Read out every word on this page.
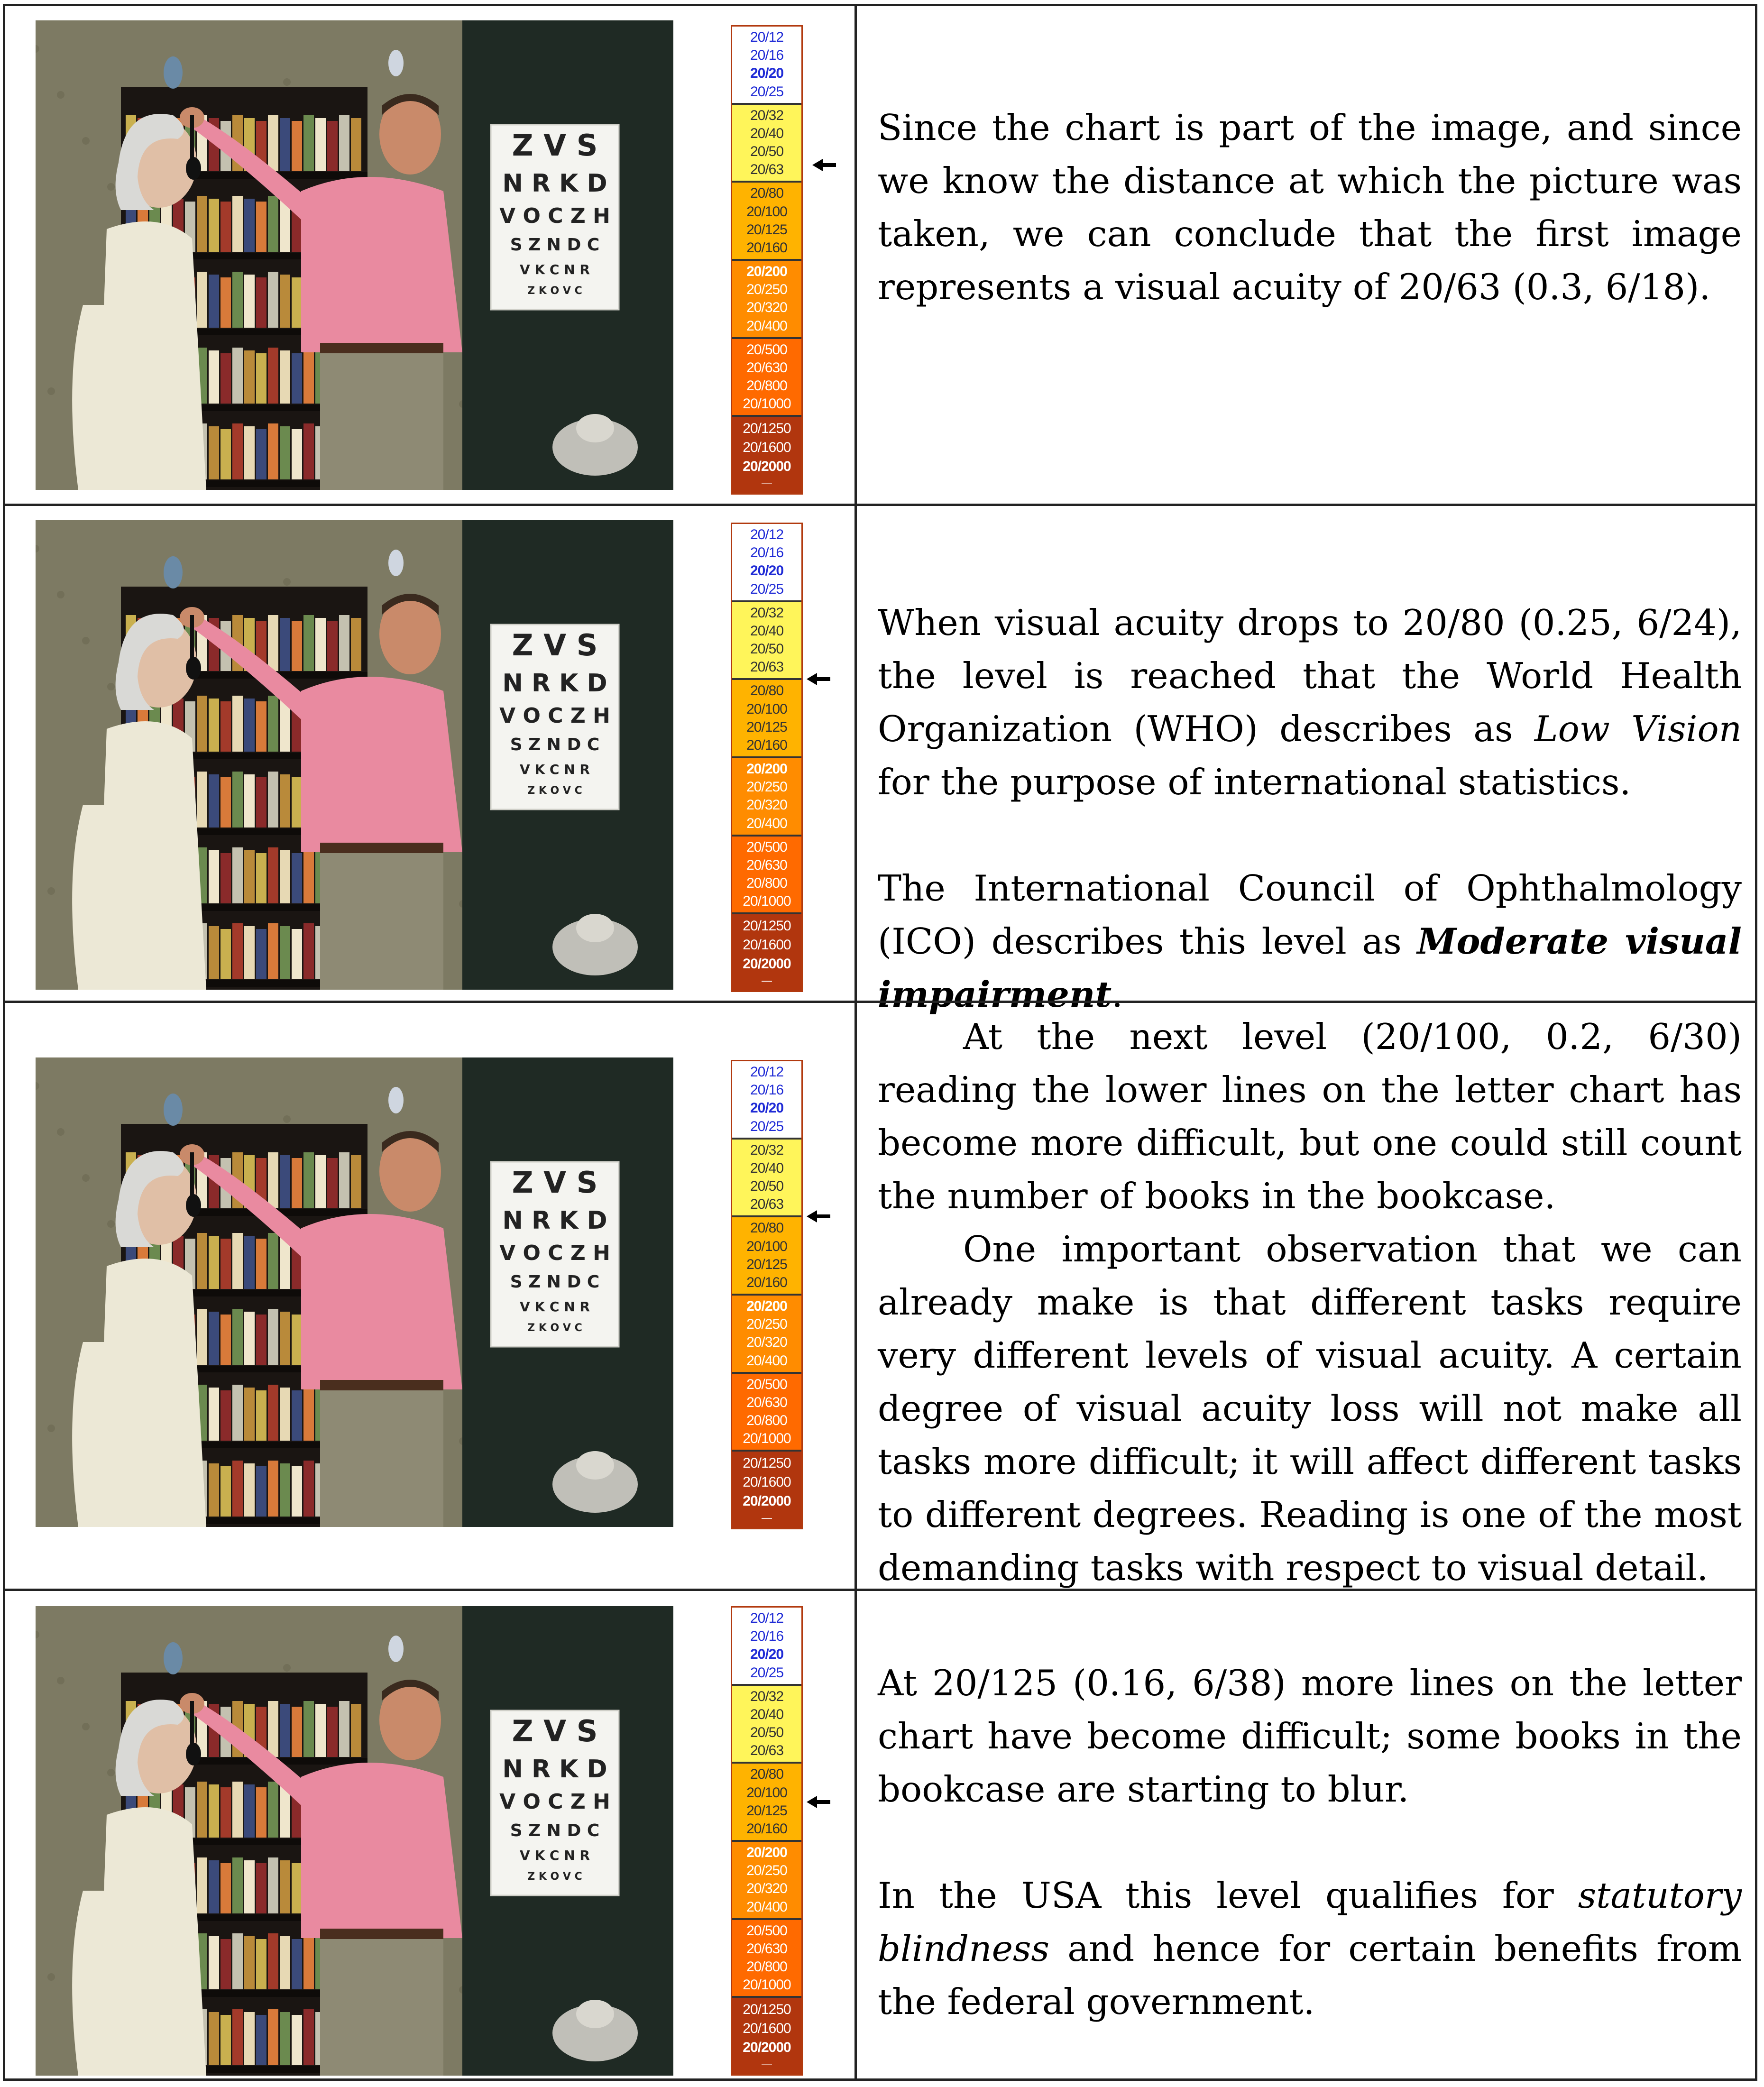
Z V S
N R K D
V O C Z H
S Z N D C
V K C N R
Z K O V C
20/12
20/16
20/20
20/25
20/32
20/40
20/50
20/63
20/80
20/100
20/125
20/160
20/200
20/250
20/320
20/400
20/500
20/630
20/800
20/1000
20/1250
20/1600
20/2000
—

Since the chart is part of the image, and since we know the distance at which the picture was taken, we can conclude that the first image represents a visual acuity of 20/63 (0.3, 6/18).

Z V S
N R K D
V O C Z H
S Z N D C
V K C N R
Z K O V C
20/12
20/16
20/20
20/25
20/32
20/40
20/50
20/63
20/80
20/100
20/125
20/160
20/200
20/250
20/320
20/400
20/500
20/630
20/800
20/1000
20/1250
20/1600
20/2000
—

When visual acuity drops to 20/80 (0.25, 6/24), the level is reached that the World Health Organization (WHO) describes as Low Vision for the purpose of international statistics.

The International Council of Ophthalmology (ICO) describes this level as Moderate visual impairment.

Z V S
N R K D
V O C Z H
S Z N D C
V K C N R
Z K O V C
20/12
20/16
20/20
20/25
20/32
20/40
20/50
20/63
20/80
20/100
20/125
20/160
20/200
20/250
20/320
20/400
20/500
20/630
20/800
20/1000
20/1250
20/1600
20/2000
—

At the next level (20/100, 0.2, 6/30) reading the lower lines on the letter chart has become more difficult, but one could still count the number of books in the bookcase.

One important observation that we can already make is that different tasks require very different levels of visual acuity. A certain degree of visual acuity loss will not make all tasks more difficult; it will affect different tasks to different degrees. Reading is one of the most demanding tasks with respect to visual detail.

Z V S
N R K D
V O C Z H
S Z N D C
V K C N R
Z K O V C
20/12
20/16
20/20
20/25
20/32
20/40
20/50
20/63
20/80
20/100
20/125
20/160
20/200
20/250
20/320
20/400
20/500
20/630
20/800
20/1000
20/1250
20/1600
20/2000
—

At 20/125 (0.16, 6/38) more lines on the letter chart have become difficult; some books in the bookcase are starting to blur.

In the USA this level qualifies for statutory blindness and hence for certain benefits from the federal government.
